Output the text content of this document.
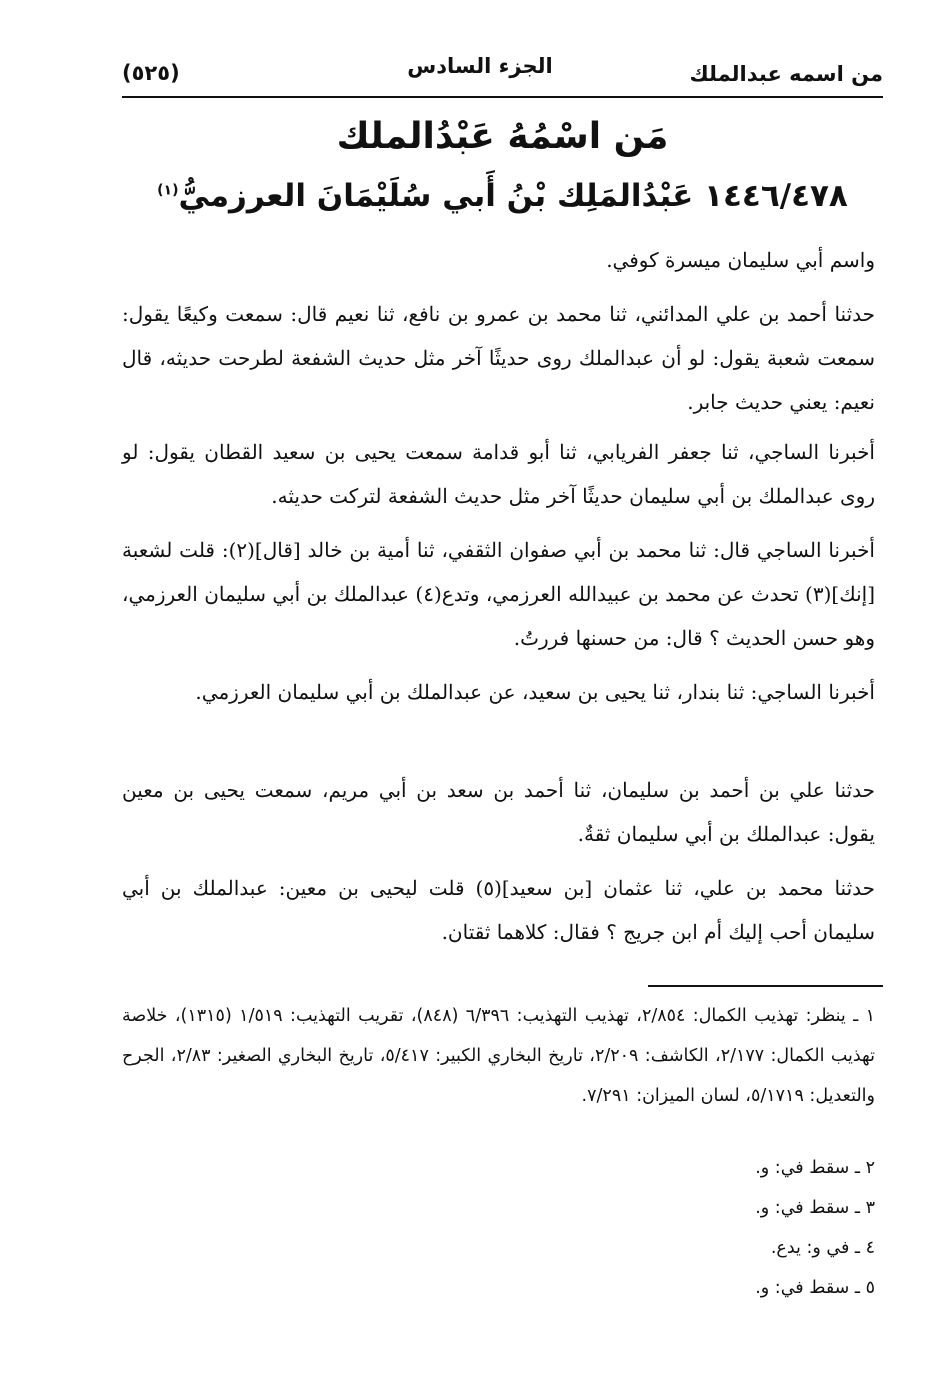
من اسمه عبدالملك
الجزء السادس
(٥٢٥)
مَن اسْمُهُ عَبْدُالملك
١٤٤٦/٤٧٨ عَبْدُالمَلِك بْنُ أَبي سُلَيْمَانَ العرزميُّ$^{(١)}$
واسم أبي سليمان ميسرة كوفي.
حدثنا أحمد بن علي المدائني، ثنا محمد بن عمرو بن نافع، ثنا نعيم قال: سمعت وكيعًا يقول: سمعت شعبة يقول: لو أن عبدالملك روى حديثًا آخر مثل حديث الشفعة لطرحت حديثه، قال نعيم: يعني حديث جابر.
أخبرنا الساجي، ثنا جعفر الفريابي، ثنا أبو قدامة سمعت يحيى بن سعيد القطان يقول: لو روى عبدالملك بن أبي سليمان حديثًا آخر مثل حديث الشفعة لتركت حديثه.
أخبرنا الساجي قال: ثنا محمد بن أبي صفوان الثقفي، ثنا أمية بن خالد [قال](٢): قلت لشعبة [إنك](٣) تحدث عن محمد بن عبيدالله العرزمي، وتدع(٤) عبدالملك بن أبي سليمان العرزمي، وهو حسن الحديث ؟ قال: من حسنها فررتُ.
أخبرنا الساجي: ثنا بندار، ثنا يحيى بن سعيد، عن عبدالملك بن أبي سليمان العرزمي.
حدثنا علي بن أحمد بن سليمان، ثنا أحمد بن سعد بن أبي مريم، سمعت يحيى بن معين يقول: عبدالملك بن أبي سليمان ثقةٌ.
حدثنا محمد بن علي، ثنا عثمان [بن سعيد](٥) قلت ليحيى بن معين: عبدالملك بن أبي سليمان أحب إليك أم ابن جريج ؟ فقال: كلاهما ثقتان.
١ ـ ينظر: تهذيب الكمال: ٢/٨٥٤، تهذيب التهذيب: ٦/٣٩٦ (٨٤٨)، تقريب التهذيب: ١/٥١٩ (١٣١٥)، خلاصة تهذيب الكمال: ٢/١٧٧، الكاشف: ٢/٢٠٩، تاريخ البخاري الكبير: ٥/٤١٧، تاريخ البخاري الصغير: ٢/٨٣، الجرح والتعديل: ٥/١٧١٩، لسان الميزان: ٧/٢٩١.
٢ ـ سقط في: و.
٣ ـ سقط في: و.
٤ ـ في و: يدع.
٥ ـ سقط في: و.
